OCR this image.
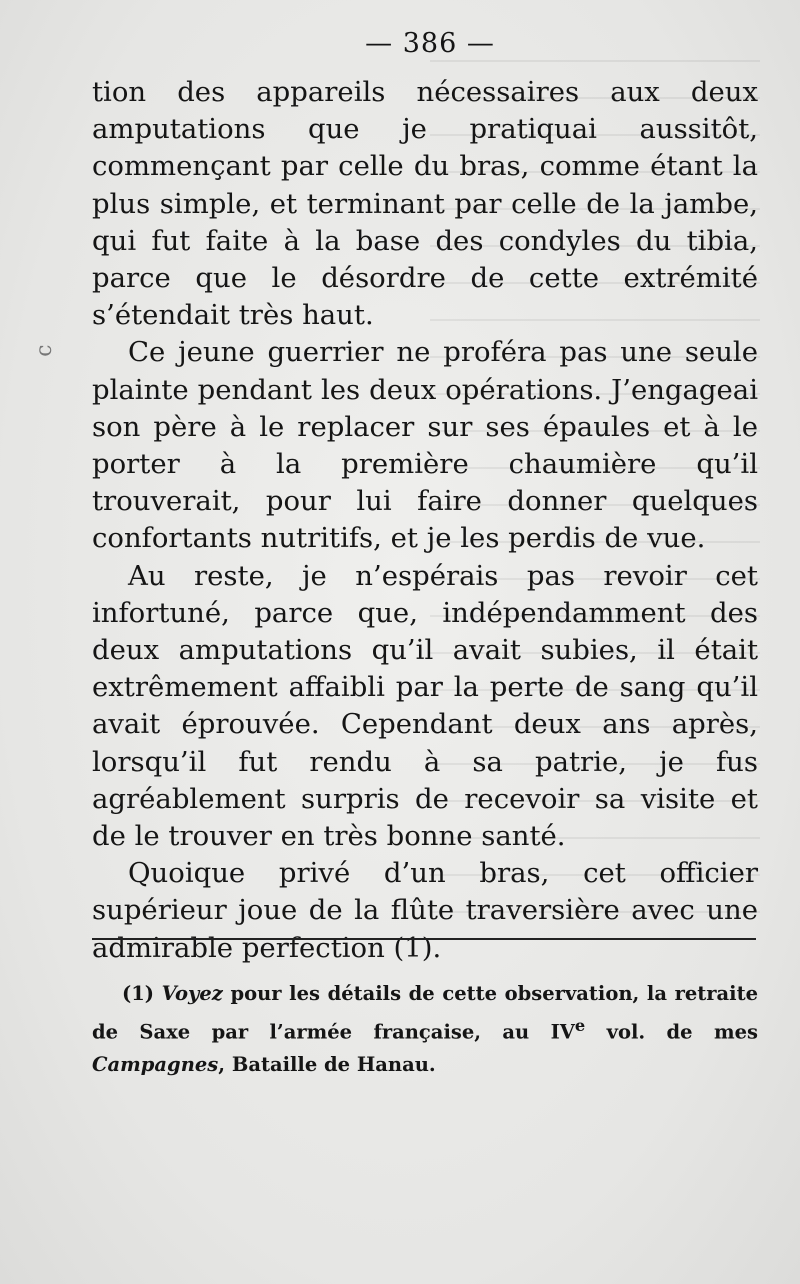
— 386 —
ɔ

tion des appareils nécessaires aux deux amputations que je pratiquai aussitôt, commençant par celle du bras, comme étant la plus simple, et terminant par celle de la jambe, qui fut faite à la base des condyles du tibia, parce que le désordre de cette extrémité s’étendait très haut.

Ce jeune guerrier ne proféra pas une seule plainte pendant les deux opérations. J’engageai son père à le replacer sur ses épaules et à le porter à la première chaumière qu’il trouverait, pour lui faire donner quelques confortants nutritifs, et je les perdis de vue.

Au reste, je n’espérais pas revoir cet infortuné, parce que, indépendamment des deux amputations qu’il avait subies, il était extrêmement affaibli par la perte de sang qu’il avait éprouvée. Cependant deux ans après, lorsqu’il fut rendu à sa patrie, je fus agréablement surpris de recevoir sa visite et de le trouver en très bonne santé.

Quoique privé d’un bras, cet officier supérieur joue de la flûte traversière avec une admirable perfection (1).

(1) Voyez pour les détails de cette observation, la retraite de Saxe par l’armée française, au IVe vol. de mes Campagnes, Bataille de Hanau.
